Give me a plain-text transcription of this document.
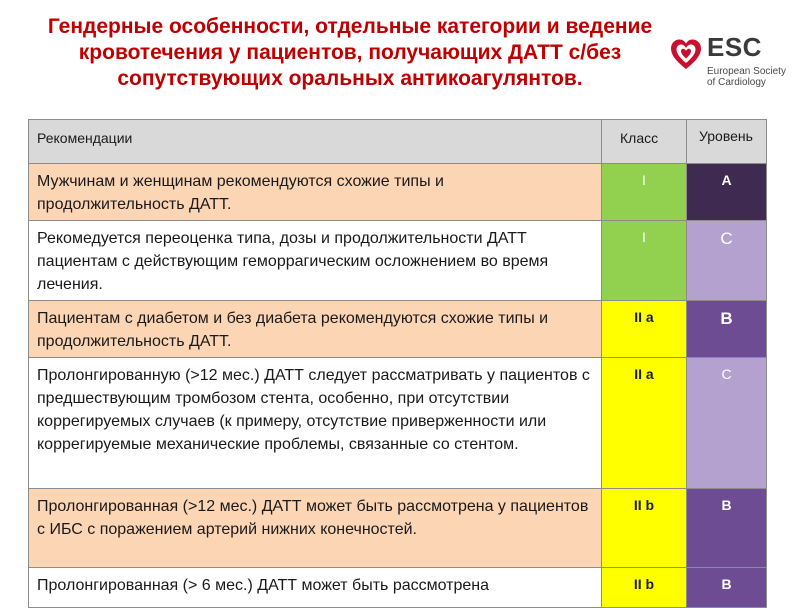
Гендерные особенности, отдельные категории и ведение кровотечения у пациентов, получающих ДАТТ с/без сопутствующих оральных антикоагулянтов.
ESC
European Society
of Cardiology
Рекомендации	Класс	Уровень
Мужчинам и женщинам рекомендуются схожие типы и продолжительность ДАТТ.	I	A
Рекомедуется переоценка типа, дозы и продолжительности ДАТТ пациентам с действующим геморрагическим осложнением во время лечения.	I	C
Пациентам с диабетом и без диабета рекомендуются схожие типы и продолжительность ДАТТ.	II a	B
Пролонгированную (>12 мес.) ДАТТ следует рассматривать у пациентов с предшествующим тромбозом стента, особенно, при отсутствии коррегируемых случаев (к примеру, отсутствие приверженности или коррегируемые механические проблемы, связанные со стентом.	II a	C
Пролонгированная (>12 мес.) ДАТТ может быть рассмотрена у пациентов с ИБС с поражением артерий нижних конечностей.	II b	B
Пролонгированная (> 6 мес.) ДАТТ может быть рассмотрена	II b	B
